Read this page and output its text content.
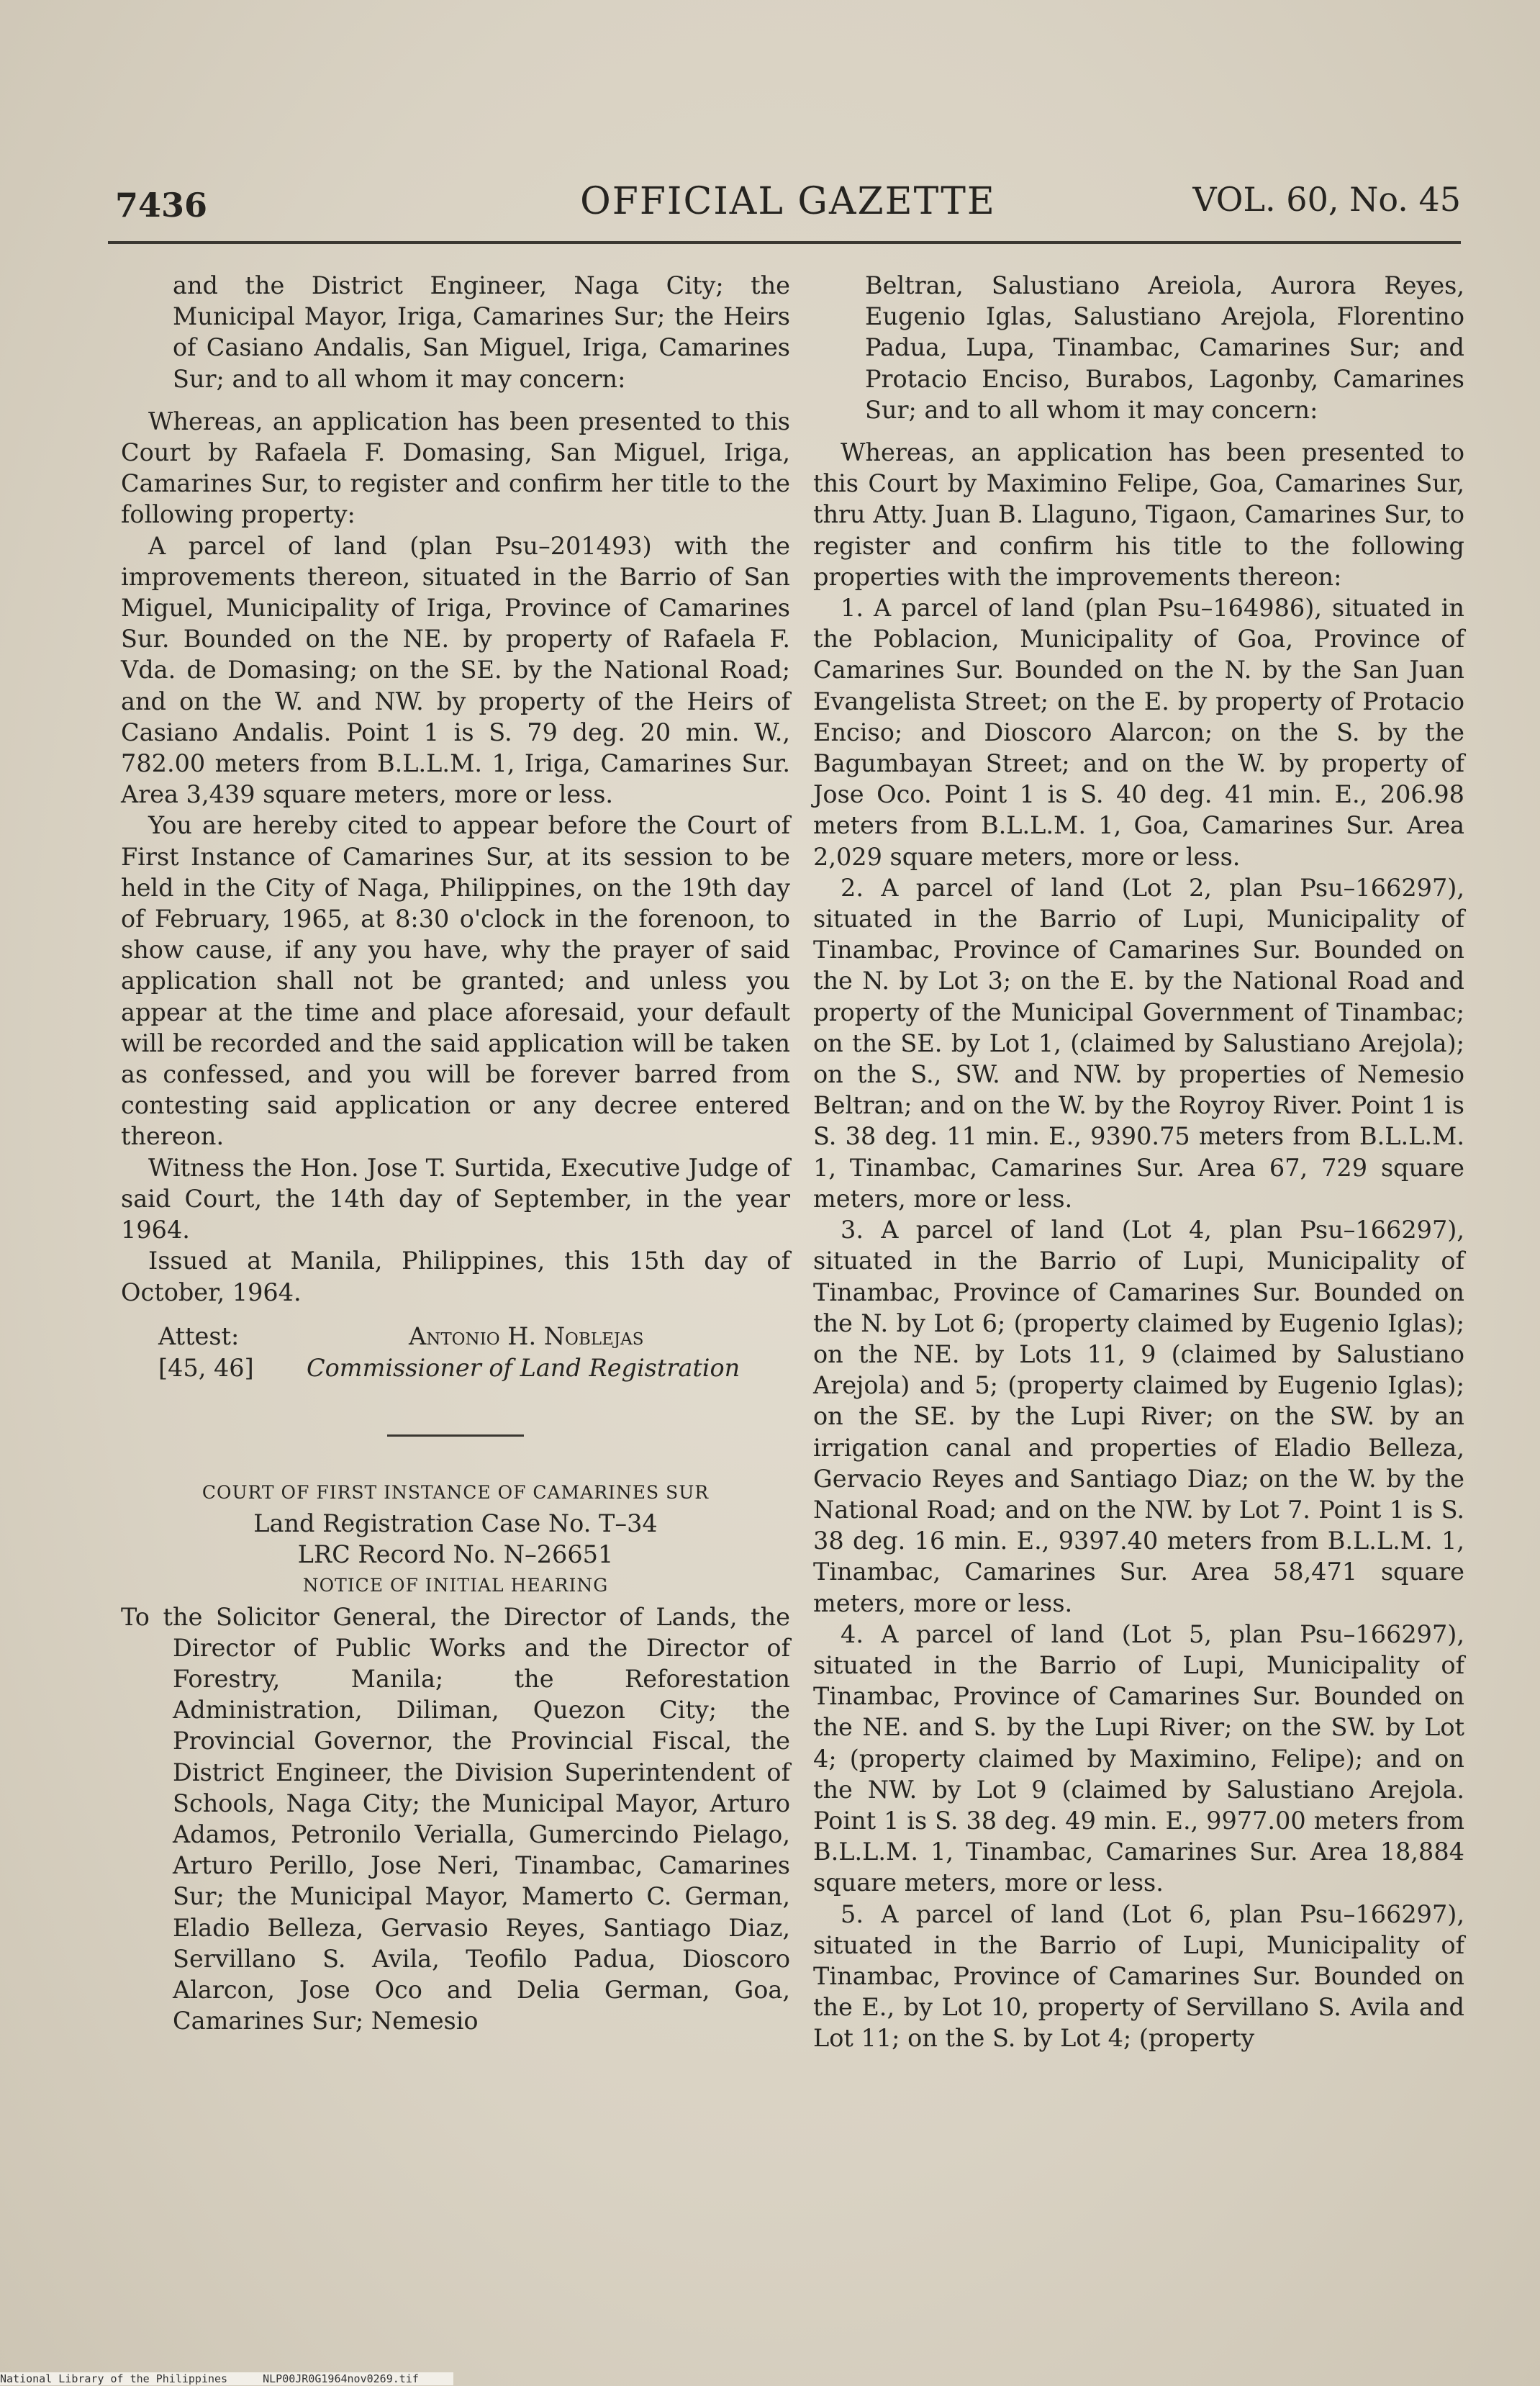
7436	OFFICIAL GAZETTE	VOL. 60, No. 45

and the District Engineer, Naga City; the Municipal Mayor, Iriga, Camarines Sur; the Heirs of Casiano Andalis, San Miguel, Iriga, Camarines Sur; and to all whom it may concern:

Whereas, an application has been presented to this Court by Rafaela F. Domasing, San Miguel, Iriga, Camarines Sur, to register and confirm her title to the following property:

A parcel of land (plan Psu–201493) with the improvements thereon, situated in the Barrio of San Miguel, Municipality of Iriga, Province of Camarines Sur. Bounded on the NE. by property of Rafaela F. Vda. de Domasing; on the SE. by the National Road; and on the W. and NW. by property of the Heirs of Casiano Andalis. Point 1 is S. 79 deg. 20 min. W., 782.00 meters from B.L.L.M. 1, Iriga, Camarines Sur. Area 3,439 square meters, more or less.

You are hereby cited to appear before the Court of First Instance of Camarines Sur, at its session to be held in the City of Naga, Philippines, on the 19th day of February, 1965, at 8:30 o'clock in the forenoon, to show cause, if any you have, why the prayer of said application shall not be granted; and unless you appear at the time and place aforesaid, your default will be recorded and the said application will be taken as confessed, and you will be forever barred from contesting said application or any decree entered thereon.

Witness the Hon. Jose T. Surtida, Executive Judge of said Court, the 14th day of September, in the year 1964.

Issued at Manila, Philippines, this 15th day of October, 1964.

Attest:
[45, 46]
Antonio H. Noblejas
Commissioner of Land Registration

COURT OF FIRST INSTANCE OF CAMARINES SUR

Land Registration Case No. T–34

LRC Record No. N–26651

NOTICE OF INITIAL HEARING

To the Solicitor General, the Director of Lands, the Director of Public Works and the Director of Forestry, Manila; the Reforestation Administration, Diliman, Quezon City; the Provincial Governor, the Provincial Fiscal, the District Engineer, the Division Superintendent of Schools, Naga City; the Municipal Mayor, Arturo Adamos, Petronilo Verialla, Gumercindo Pielago, Arturo Perillo, Jose Neri, Tinambac, Camarines Sur; the Municipal Mayor, Mamerto C. German, Eladio Belleza, Gervasio Reyes, Santiago Diaz, Servillano S. Avila, Teofilo Padua, Dioscoro Alarcon, Jose Oco and Delia German, Goa, Camarines Sur; Nemesio

Beltran, Salustiano Areiola, Aurora Reyes, Eugenio Iglas, Salustiano Arejola, Florentino Padua, Lupa, Tinambac, Camarines Sur; and Protacio Enciso, Burabos, Lagonby, Camarines Sur; and to all whom it may concern:

Whereas, an application has been presented to this Court by Maximino Felipe, Goa, Camarines Sur, thru Atty. Juan B. Llaguno, Tigaon, Camarines Sur, to register and confirm his title to the following properties with the improvements thereon:

1. A parcel of land (plan Psu–164986), situated in the Poblacion, Municipality of Goa, Province of Camarines Sur. Bounded on the N. by the San Juan Evangelista Street; on the E. by property of Protacio Enciso; and Dioscoro Alarcon; on the S. by the Bagumbayan Street; and on the W. by property of Jose Oco. Point 1 is S. 40 deg. 41 min. E., 206.98 meters from B.L.L.M. 1, Goa, Camarines Sur. Area 2,029 square meters, more or less.

2. A parcel of land (Lot 2, plan Psu–166297), situated in the Barrio of Lupi, Municipality of Tinambac, Province of Camarines Sur. Bounded on the N. by Lot 3; on the E. by the National Road and property of the Municipal Government of Tinambac; on the SE. by Lot 1, (claimed by Salustiano Arejola); on the S., SW. and NW. by properties of Nemesio Beltran; and on the W. by the Royroy River. Point 1 is S. 38 deg. 11 min. E., 9390.75 meters from B.L.L.M. 1, Tinambac, Camarines Sur. Area 67, 729 square meters, more or less.

3. A parcel of land (Lot 4, plan Psu–166297), situated in the Barrio of Lupi, Municipality of Tinambac, Province of Camarines Sur. Bounded on the N. by Lot 6; (property claimed by Eugenio Iglas); on the NE. by Lots 11, 9 (claimed by Salustiano Arejola) and 5; (property claimed by Eugenio Iglas); on the SE. by the Lupi River; on the SW. by an irrigation canal and properties of Eladio Belleza, Gervacio Reyes and Santiago Diaz; on the W. by the National Road; and on the NW. by Lot 7. Point 1 is S. 38 deg. 16 min. E., 9397.40 meters from B.L.L.M. 1, Tinambac, Camarines Sur. Area 58,471 square meters, more or less.

4. A parcel of land (Lot 5, plan Psu–166297), situated in the Barrio of Lupi, Municipality of Tinambac, Province of Camarines Sur. Bounded on the NE. and S. by the Lupi River; on the SW. by Lot 4; (property claimed by Maximino, Felipe); and on the NW. by Lot 9 (claimed by Salustiano Arejola. Point 1 is S. 38 deg. 49 min. E., 9977.00 meters from B.L.L.M. 1, Tinambac, Camarines Sur. Area 18,884 square meters, more or less.

5. A parcel of land (Lot 6, plan Psu–166297), situated in the Barrio of Lupi, Municipality of Tinambac, Province of Camarines Sur. Bounded on the E., by Lot 10, property of Servillano S. Avila and Lot 11; on the S. by Lot 4; (property

National Library of the Philippines	NLP00JR0G1964nov0269.tif
